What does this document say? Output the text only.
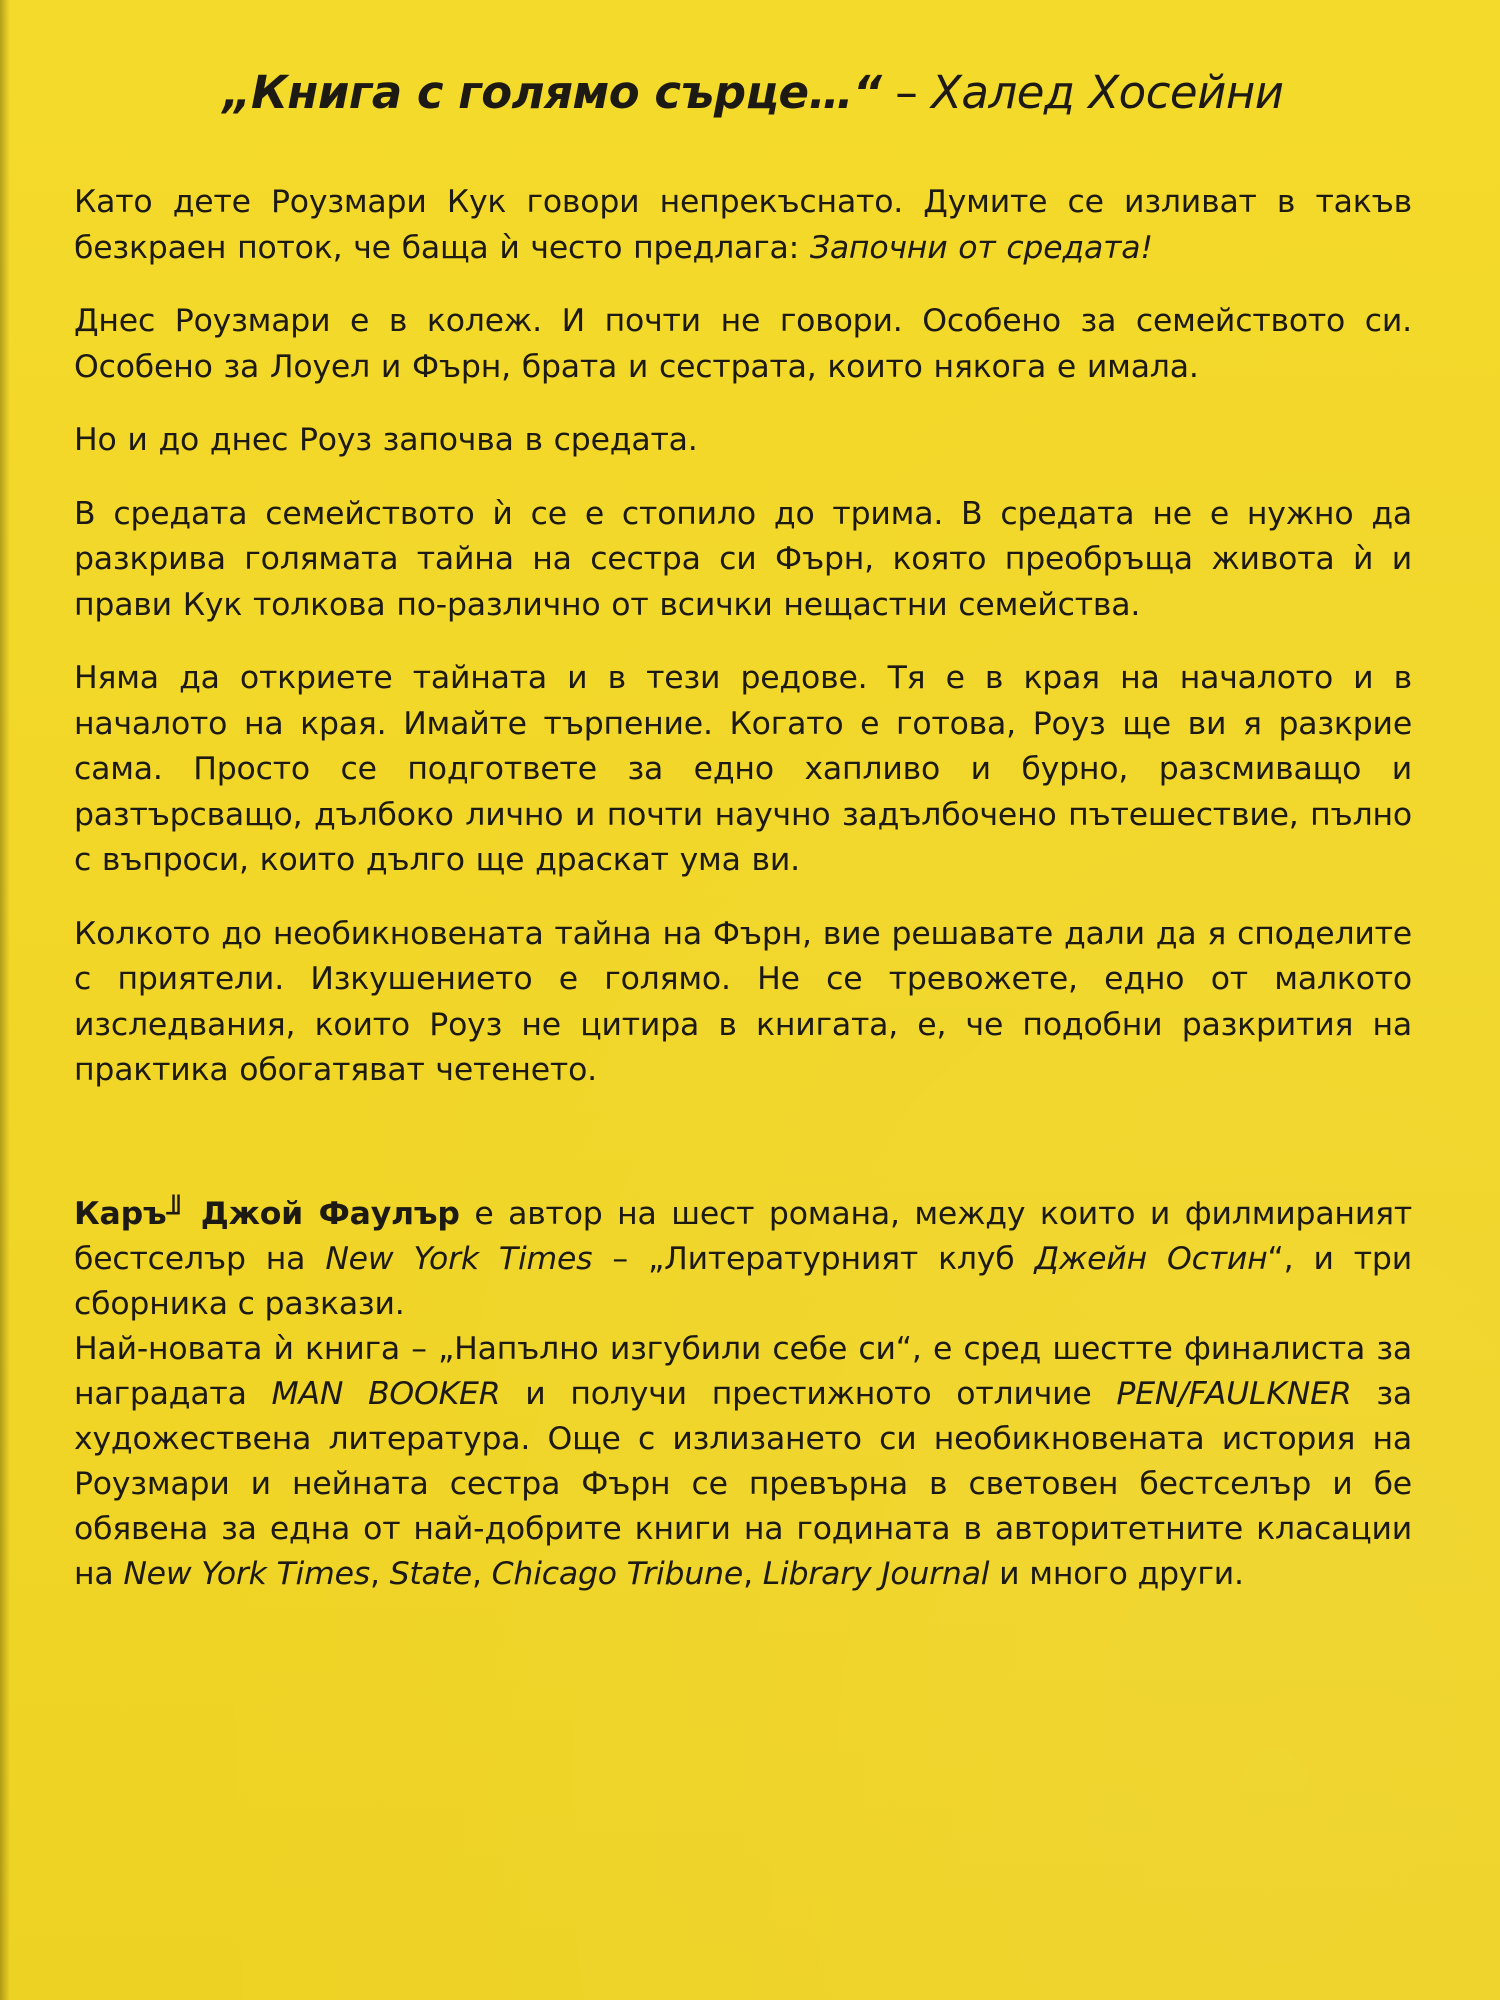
„Книга с голямо сърце…“ – Халед Хосейни

Като дете Роузмари Кук говори непрекъснато. Думите се изливат в такъв безкраен поток, че баща ѝ често предлага: Започни от средата!

Днес Роузмари е в колеж. И почти не говори. Особено за семейството си. Особено за Лоуел и Фърн, брата и сестрата, които някога е имала.

Но и до днес Роуз започва в средата.

В средата семейството ѝ се е стопило до трима. В средата не е нужно да разкрива голямата тайна на сестра си Фърн, която преобръща живота ѝ и прави Кук толкова по-различно от всички нещастни семейства.

Няма да откриете тайната и в тези редове. Тя е в края на началото и в началото на края. Имайте търпение. Когато е готова, Роуз ще ви я разкрие сама. Просто се подгответе за едно хапливо и бурно, разсмиващо и разтърсващо, дълбоко лично и почти научно задълбочено пътешествие, пълно с въпроси, които дълго ще драскат ума ви.

Колкото до необикновената тайна на Фърн, вие решавате дали да я споделите с приятели. Изкушението е голямо. Не се тревожете, едно от малкото изследвания, които Роуз не цитира в книгата, е, че подобни разкрития на практика обогатяват четенето.

Каръ╜ Джой Фаулър е автор на шест романа, между които и филмираният бестселър на New York Times – „Литературният клуб Джейн Остин“, и три сборника с разкази.

Най-новата ѝ книга – „Напълно изгубили себе си“, е сред шестте финалиста за наградата MAN BOOKER и получи престижното отличие PEN/FAULKNER за художествена литература. Още с излизането си необикновената история на Роузмари и нейната сестра Фърн се превърна в световен бестселър и бе обявена за една от най-добрите книги на годината в авторитетните класации на New York Times, State, Chicago Tribune, Library Journal и много други.
